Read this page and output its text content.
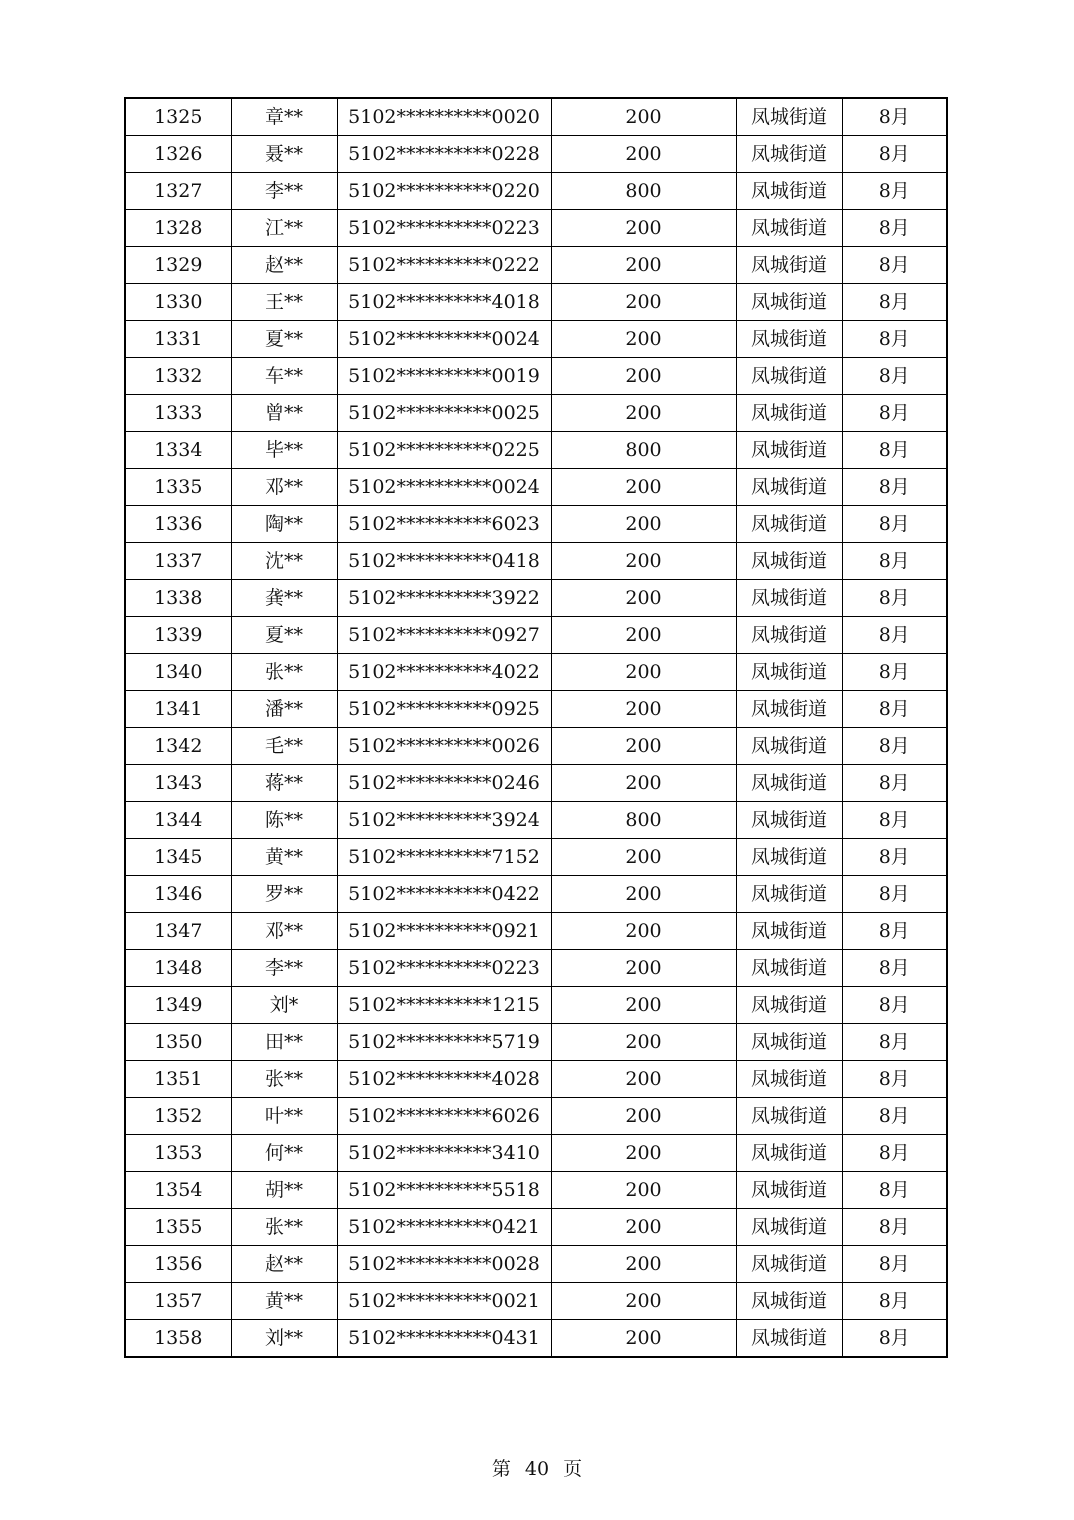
1325	章**	5102**********0020	200	凤城街道	8月
1326	聂**	5102**********0228	200	凤城街道	8月
1327	李**	5102**********0220	800	凤城街道	8月
1328	江**	5102**********0223	200	凤城街道	8月
1329	赵**	5102**********0222	200	凤城街道	8月
1330	王**	5102**********4018	200	凤城街道	8月
1331	夏**	5102**********0024	200	凤城街道	8月
1332	车**	5102**********0019	200	凤城街道	8月
1333	曾**	5102**********0025	200	凤城街道	8月
1334	毕**	5102**********0225	800	凤城街道	8月
1335	邓**	5102**********0024	200	凤城街道	8月
1336	陶**	5102**********6023	200	凤城街道	8月
1337	沈**	5102**********0418	200	凤城街道	8月
1338	龚**	5102**********3922	200	凤城街道	8月
1339	夏**	5102**********0927	200	凤城街道	8月
1340	张**	5102**********4022	200	凤城街道	8月
1341	潘**	5102**********0925	200	凤城街道	8月
1342	毛**	5102**********0026	200	凤城街道	8月
1343	蒋**	5102**********0246	200	凤城街道	8月
1344	陈**	5102**********3924	800	凤城街道	8月
1345	黄**	5102**********7152	200	凤城街道	8月
1346	罗**	5102**********0422	200	凤城街道	8月
1347	邓**	5102**********0921	200	凤城街道	8月
1348	李**	5102**********0223	200	凤城街道	8月
1349	刘*	5102**********1215	200	凤城街道	8月
1350	田**	5102**********5719	200	凤城街道	8月
1351	张**	5102**********4028	200	凤城街道	8月
1352	叶**	5102**********6026	200	凤城街道	8月
1353	何**	5102**********3410	200	凤城街道	8月
1354	胡**	5102**********5518	200	凤城街道	8月
1355	张**	5102**********0421	200	凤城街道	8月
1356	赵**	5102**********0028	200	凤城街道	8月
1357	黄**	5102**********0021	200	凤城街道	8月
1358	刘**	5102**********0431	200	凤城街道	8月
第 40 页
